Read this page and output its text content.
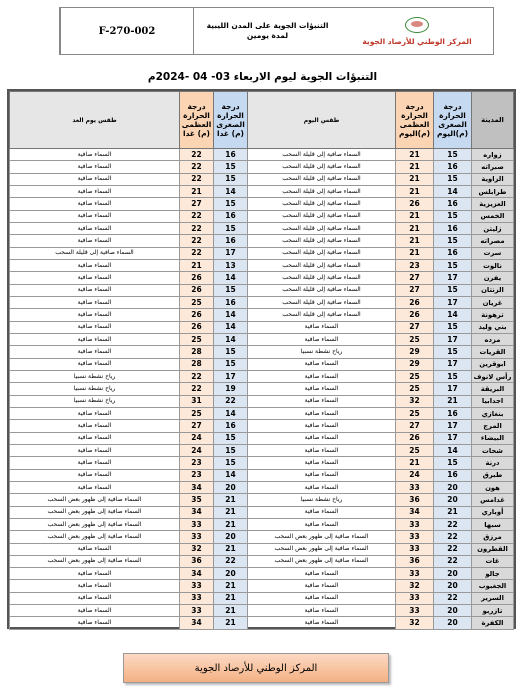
F-270-002	التنبؤات الجوية على المدن الليبية
لمدة يومين
المركز الوطني للأرصاد الجوية
التنبؤات الجوية ليوم الاربعاء 03- 04 -2024م
المدينة	درجة الحرارة الصغرى (م)اليوم	درجة الحرارة العظمى (م)اليوم	طقس اليوم	درجة الحرارة الصغرى (م) غدا	درجة الحرارة العظمى (م) غدا	طقس يوم الغد
زواره	15	21	السماء صافية إلى قليلة السحب	16	22	السماء صافية
صبراته	16	21	السماء صافية إلى قليلة السحب	15	22	السماء صافية
الزاوية	15	21	السماء صافية إلى قليلة السحب	15	22	السماء صافية
طرابلس	14	21	السماء صافية إلى قليلة السحب	14	21	السماء صافية
العزيزية	16	26	السماء صافية إلى قليلة السحب	15	27	السماء صافية
الخمس	15	21	السماء صافية إلى قليلة السحب	16	22	السماء صافية
زليتن	16	21	السماء صافية إلى قليلة السحب	15	22	السماء صافية
مصراته	15	21	السماء صافية إلى قليلة السحب	16	22	السماء صافية
سرت	16	21	السماء صافية إلى قليلة السحب	17	22	السماء صافية إلى قليلة السحب
نالوت	15	23	السماء صافية إلى قليلة السحب	13	21	السماء صافية
يفرن	17	27	السماء صافية إلى قليلة السحب	14	26	السماء صافية
الزنتان	15	27	السماء صافية إلى قليلة السحب	15	26	السماء صافية
غريان	17	26	السماء صافية إلى قليلة السحب	16	25	السماء صافية
ترهونة	14	26	السماء صافية إلى قليلة السحب	14	26	السماء صافية
بني وليد	15	27	السماء صافية	14	26	السماء صافية
مزده	17	25	السماء صافية	14	25	السماء صافية
القريات	15	29	رياح نشطة نسبيا	15	28	السماء صافية
ابوقرين	17	29	السماء صافية	15	28	السماء صافية
رأس لانوف	15	25	السماء صافية	17	22	رياح نشطة نسبيا
البريقة	17	25	السماء صافية	19	22	رياح نشطة نسبيا
اجدابيا	21	32	السماء صافية	22	31	رياح نشطة نسبيا
بنغازي	16	25	السماء صافية	14	25	السماء صافية
المرج	17	27	السماء صافية	16	27	السماء صافية
البيضاء	17	26	السماء صافية	15	24	السماء صافية
شحات	14	25	السماء صافية	15	24	السماء صافية
درنة	15	21	السماء صافية	15	23	السماء صافية
طبرق	16	24	السماء صافية	14	23	السماء صافية
هون	20	33	السماء صافية	20	34	السماء صافية
غدامس	20	36	رياح نشطة نسبيا	21	35	السماء صافية إلى ظهور بعض السحب
أوباري	21	34	السماء صافية	21	34	السماء صافية إلى ظهور بعض السحب
سبها	22	33	السماء صافية	21	33	السماء صافية إلى ظهور بعض السحب
مرزق	22	33	السماء صافية إلى ظهور بعض السحب	20	33	السماء صافية إلى ظهور بعض السحب
القطرون	22	33	السماء صافية إلى ظهور بعض السحب	21	32	السماء صافية
غات	22	36	السماء صافية إلى ظهور بعض السحب	22	36	السماء صافية إلى ظهور بعض السحب
جالو	20	33	السماء صافية	20	34	السماء صافية
الجغبوب	20	32	السماء صافية	21	33	السماء صافية
السرير	22	33	السماء صافية	21	33	السماء صافية
تازربو	20	33	السماء صافية	21	33	السماء صافية
الكفرة	20	32	السماء صافية	21	34	السماء صافية
المركز الوطني للأرصاد الجوية
